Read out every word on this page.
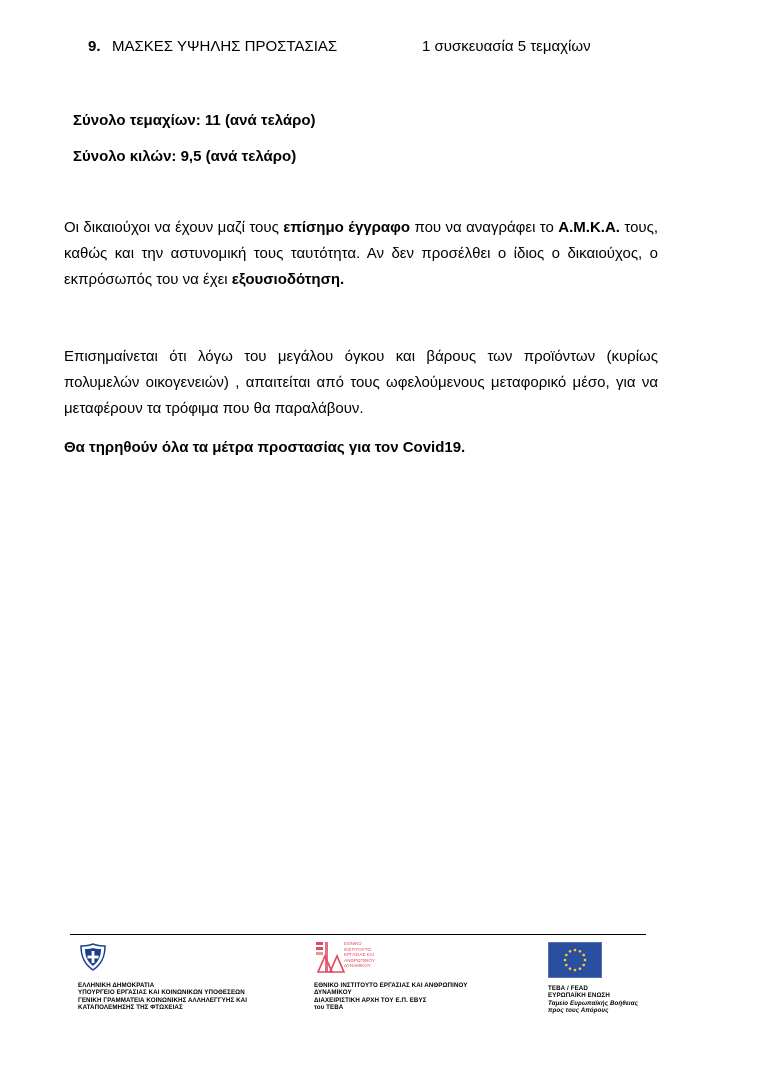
9. ΜΑΣΚΕΣ ΥΨΗΛΗΣ ΠΡΟΣΤΑΣΙΑΣ	1 συσκευασία 5 τεμαχίων
Σύνολο τεμαχίων: 11 (ανά τελάρο)
Σύνολο κιλών: 9,5 (ανά τελάρο)
Οι δικαιούχοι να έχουν μαζί τους επίσημο έγγραφο που να αναγράφει το Α.Μ.Κ.Α. τους, καθώς και την αστυνομική τους ταυτότητα. Αν δεν προσέλθει ο ίδιος ο δικαιούχος, ο εκπρόσωπός του να έχει εξουσιοδότηση.
Επισημαίνεται ότι λόγω του μεγάλου όγκου και βάρους των προϊόντων (κυρίως πολυμελών οικογενειών) , απαιτείται από τους ωφελούμενους μεταφορικό μέσο, για να μεταφέρουν τα τρόφιμα που θα παραλάβουν.
Θα τηρηθούν όλα τα μέτρα προστασίας για τον Covid19.
ΕΛΛΗΝΙΚΗ ΔΗΜΟΚΡΑΤΙΑ
ΥΠΟΥΡΓΕΙΟ ΕΡΓΑΣΙΑΣ ΚΑΙ ΚΟΙΝΩΝΙΚΩΝ ΥΠΟΘΕΣΕΩΝ
ΓΕΝΙΚΗ ΓΡΑΜΜΑΤΕΙΑ ΚΟΙΝΩΝΙΚΗΣ ΑΛΛΗΛΕΓΓΥΗΣ ΚΑΙ
ΚΑΤΑΠΟΛΕΜΗΣΗΣ ΤΗΣ ΦΤΩΧΕΙΑΣ
ΕΘΝΙΚΟ
ΙΝΣΤΙΤΟΥΤΟ
ΕΡΓΑΣΙΑΣ ΚΑΙ
ΑΝΘΡΩΠΙΝΟΥ
ΔΥΝΑΜΙΚΟΥ
ΕΘΝΙΚΟ ΙΝΣΤΙΤΟΥΤΟ ΕΡΓΑΣΙΑΣ ΚΑΙ ΑΝΘΡΩΠΙΝΟΥ
ΔΥΝΑΜΙΚΟΥ
ΔΙΑΧΕΙΡΙΣΤΙΚΗ ΑΡΧΗ ΤΟΥ Ε.Π. ΕΒΥΣ
του ΤΕΒΑ
ΤΕΒΑ / FEAD
ΕΥΡΩΠΑΪΚΗ ΕΝΩΣΗ
Ταμείο Ευρωπαϊκής Βοήθειας
προς τους Απόρους
